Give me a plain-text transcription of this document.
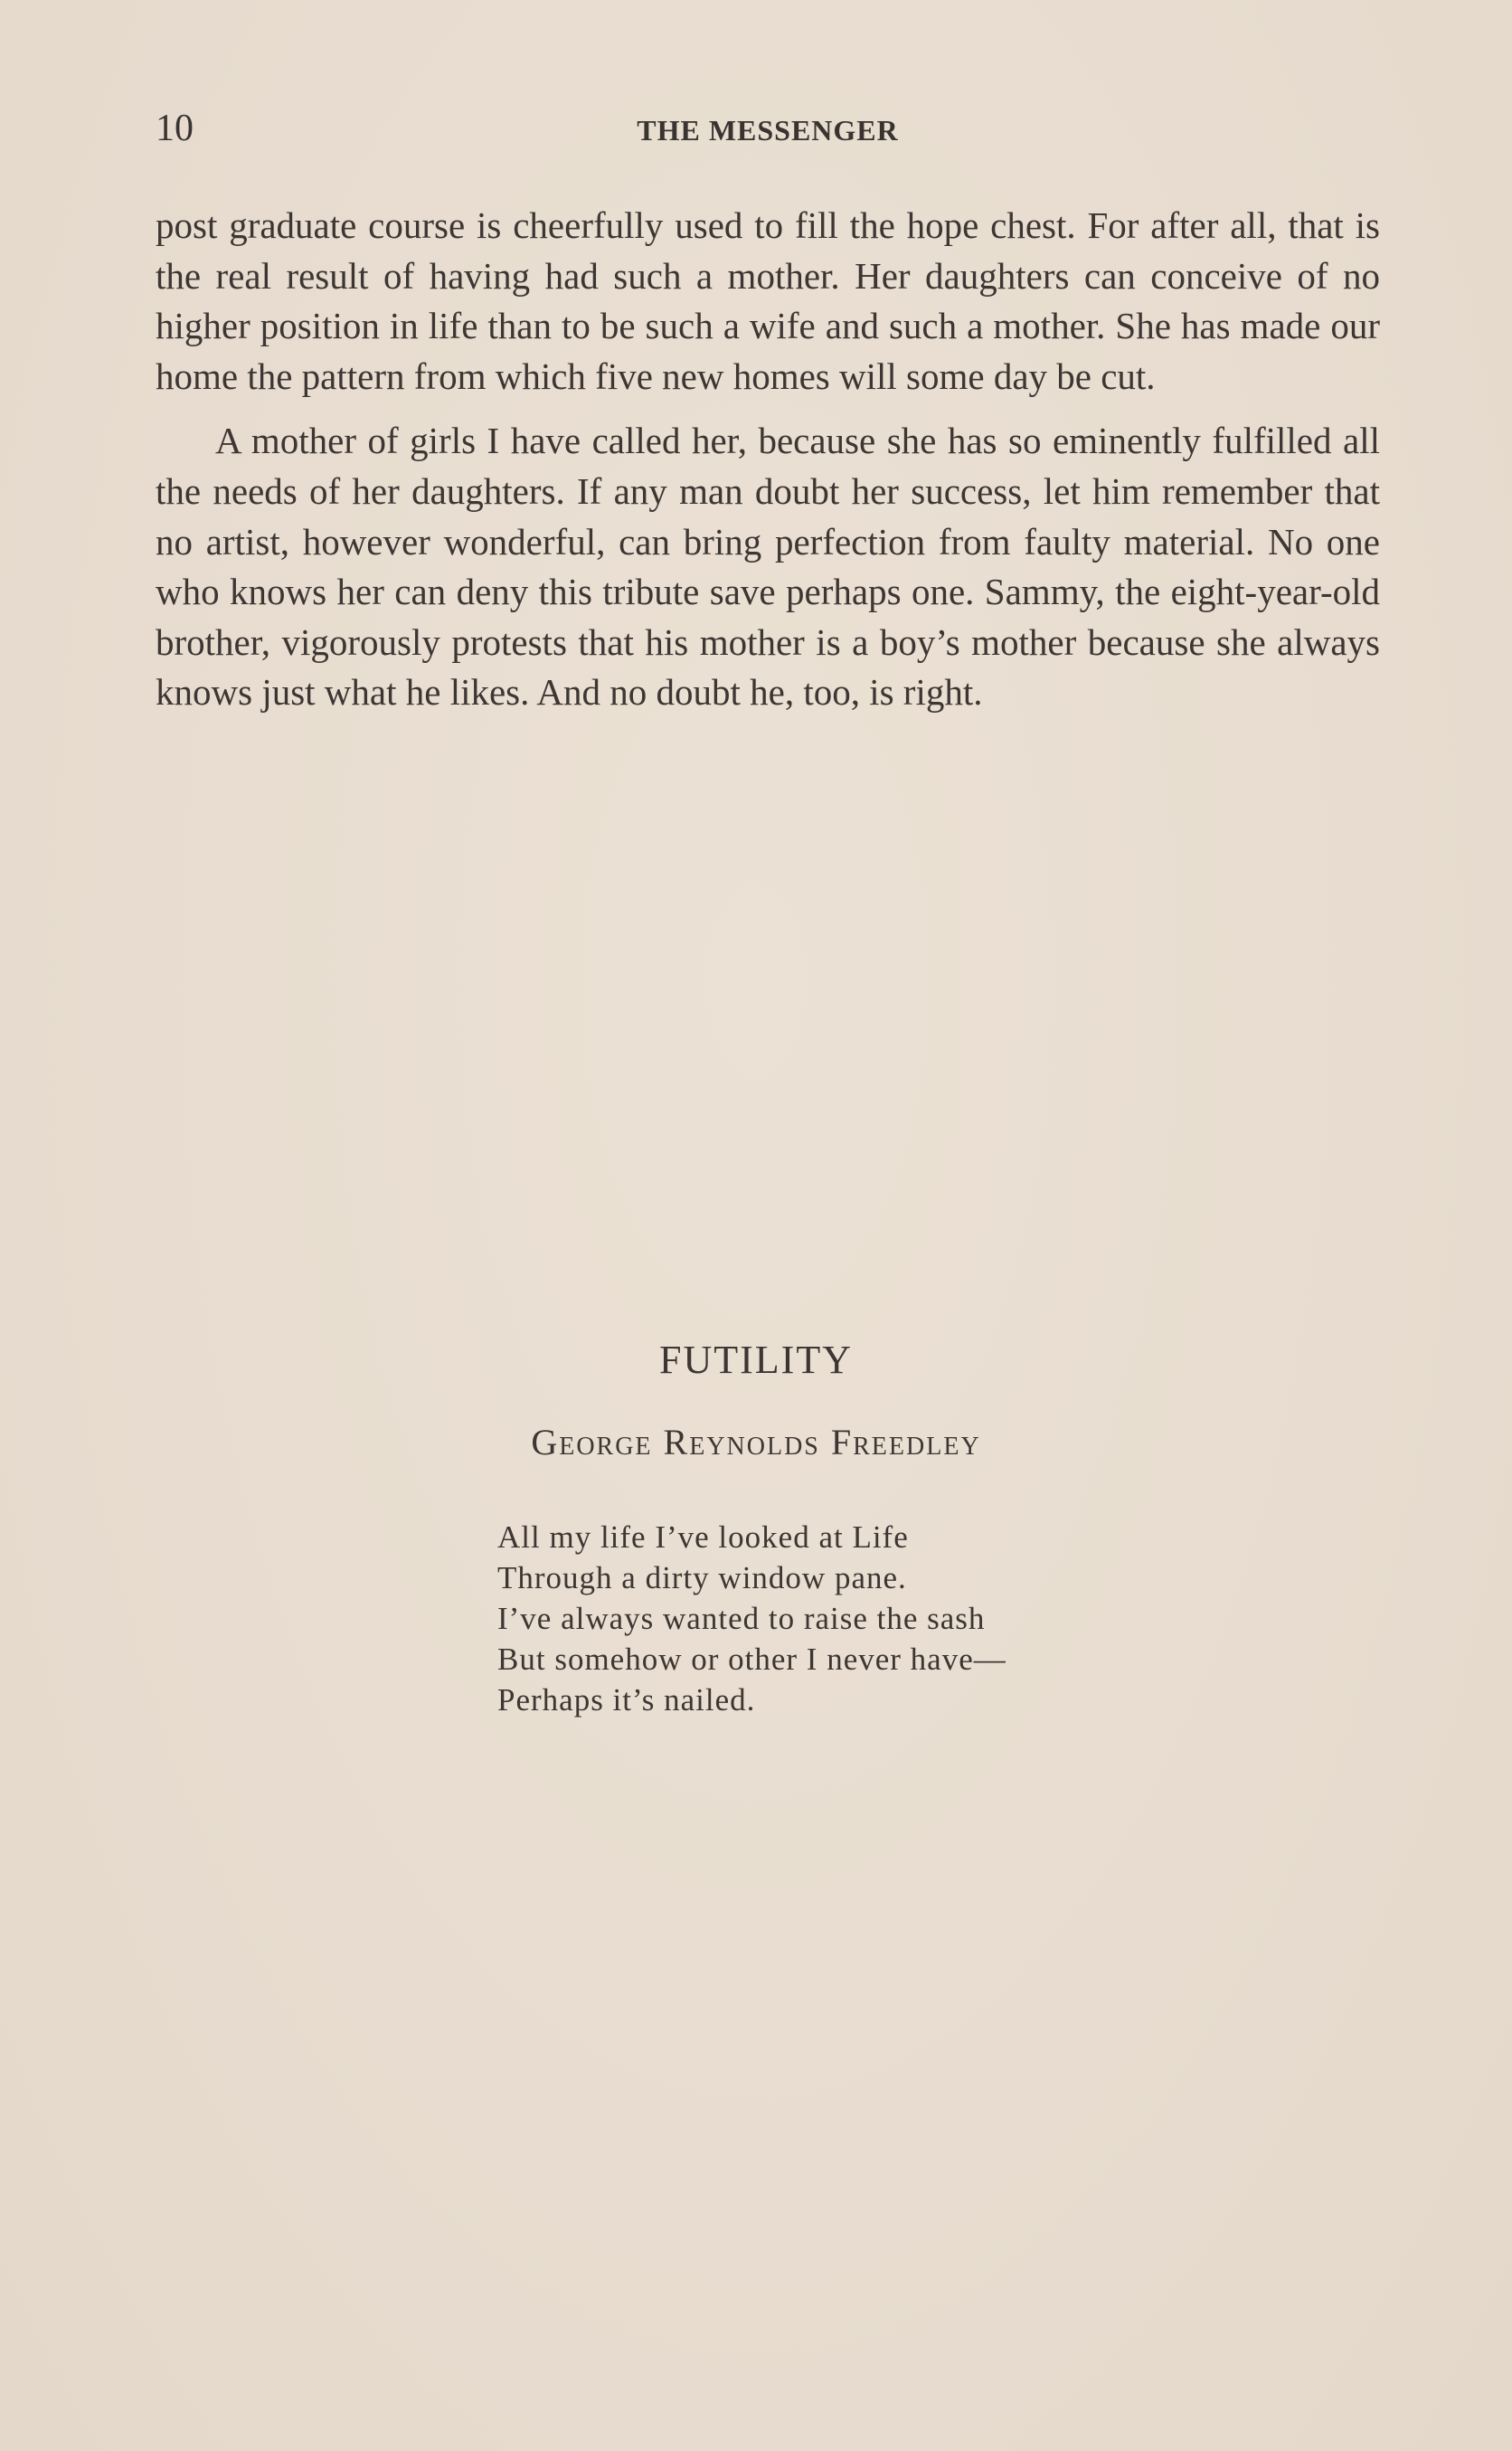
10	THE MESSENGER

post graduate course is cheerfully used to fill the hope chest. For after all, that is the real result of having had such a mother. Her daughters can conceive of no higher position in life than to be such a wife and such a mother. She has made our home the pattern from which five new homes will some day be cut.

A mother of girls I have called her, because she has so eminently fulfilled all the needs of her daughters. If any man doubt her success, let him remember that no artist, however wonderful, can bring perfection from faulty material. No one who knows her can deny this tribute save perhaps one. Sammy, the eight-year-old brother, vigorously protests that his mother is a boy’s mother because she always knows just what he likes. And no doubt he, too, is right.

FUTILITY
George Reynolds Freedley
All my life I’ve looked at Life
Through a dirty window pane.
I’ve always wanted to raise the sash
But somehow or other I never have—
Perhaps it’s nailed.
